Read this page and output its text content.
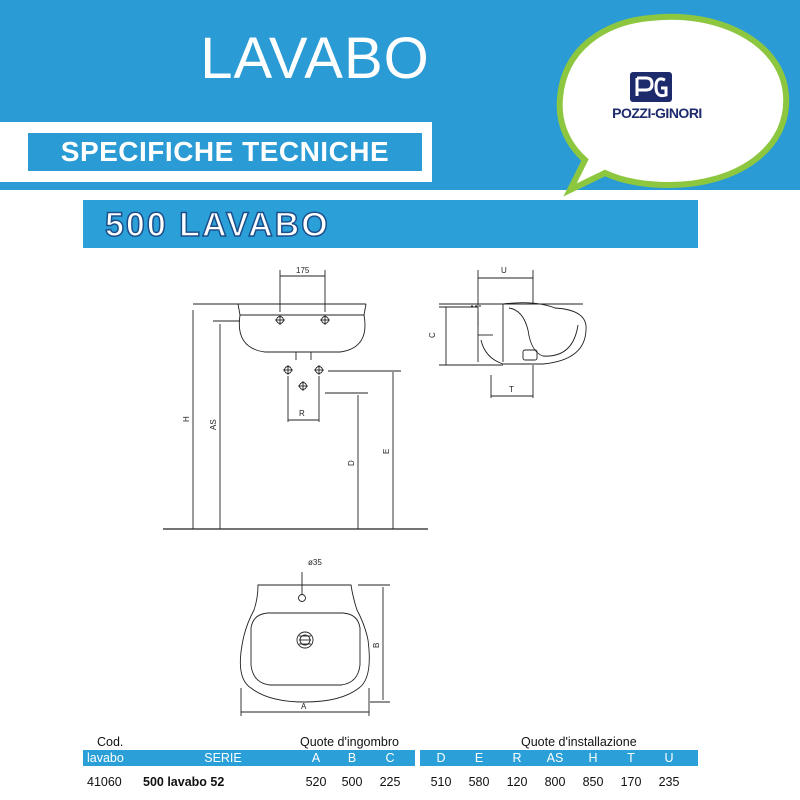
LAVABO
SPECIFICHE TECNICHE
POZZI-GINORI
500 LAVABO
175	U
C
T
H
AS
R
D
E
ø35
B
A
Cod.	Quote d'ingombro	Quote d'installazione
lavabo	SERIE	A	B	C	D	E	R	AS	H	T	U
41060	500 lavabo 52	520	500	225	510	580	120	800	850	170	235
